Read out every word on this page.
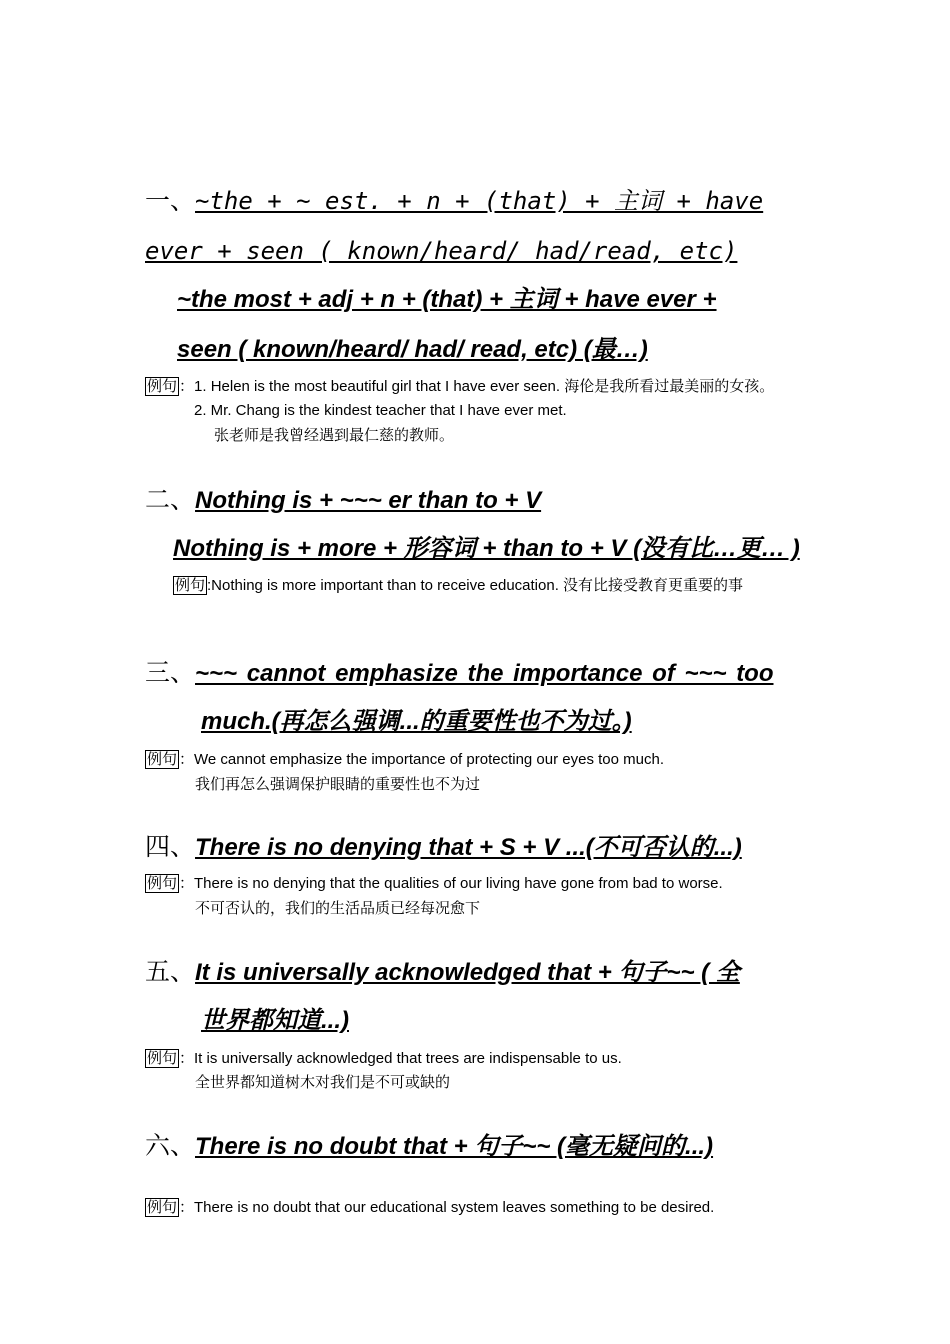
一、~the + ~ est. + n + (that) + 主词 + have
ever + seen ( known/heard/ had/read, etc)
~the most + adj + n + (that) + 主词 + have ever +
seen ( known/heard/ had/ read, etc) (最…)
例句 ：1. Helen is the most beautiful girl that I have ever seen. 海伦是我所看过最美丽的女孩。
2. Mr. Chang is the kindest teacher that I have ever met.
张老师是我曾经遇到最仁慈的教师。
二、Nothing is + ~~~ er than to + V
Nothing is + more + 形容词 + than to + V (没有比…更… )
例句 :Nothing is more important than to receive education. 没有比接受教育更重要的事
三、~~~ cannot emphasize the importance of ~~~ too
much.(再怎么强调...的重要性也不为过。)
例句 ：We cannot emphasize the importance of protecting our eyes too much.
我们再怎么强调保护眼睛的重要性也不为过
四、There is no denying that + S + V ...(不可否认的...)
例句 ：There is no denying that the qualities of our living have gone from bad to worse.
不可否认的，我们的生活品质已经每况愈下
五、It is universally acknowledged that + 句子~~ ( 全
世界都知道...)
例句 ：It is universally acknowledged that trees are indispensable to us.
全世界都知道树木对我们是不可或缺的
六、There is no doubt that + 句子~~ (毫无疑问的...)
例句 ：There is no doubt that our educational system leaves something to be desired.
